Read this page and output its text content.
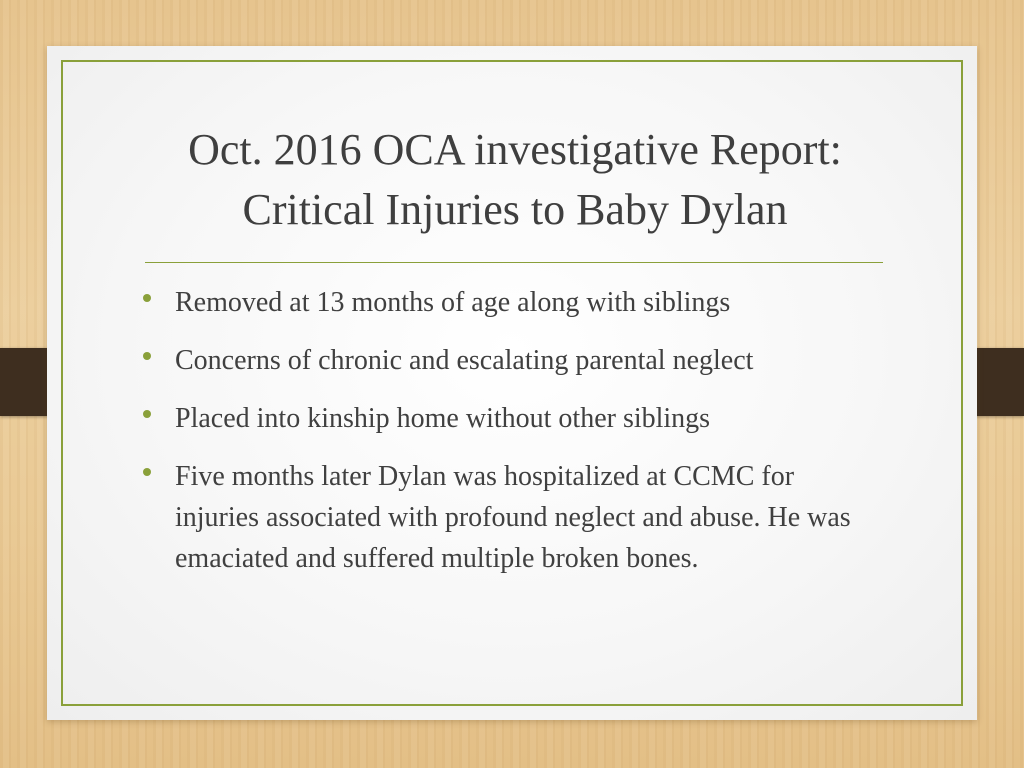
Oct. 2016 OCA investigative Report:
Critical Injuries to Baby Dylan
Removed at 13 months of age along with siblings
Concerns of chronic and escalating parental neglect
Placed into kinship home without other siblings
Five months later Dylan was hospitalized at CCMC for injuries associated with profound neglect and abuse. He was emaciated and suffered multiple broken bones.
